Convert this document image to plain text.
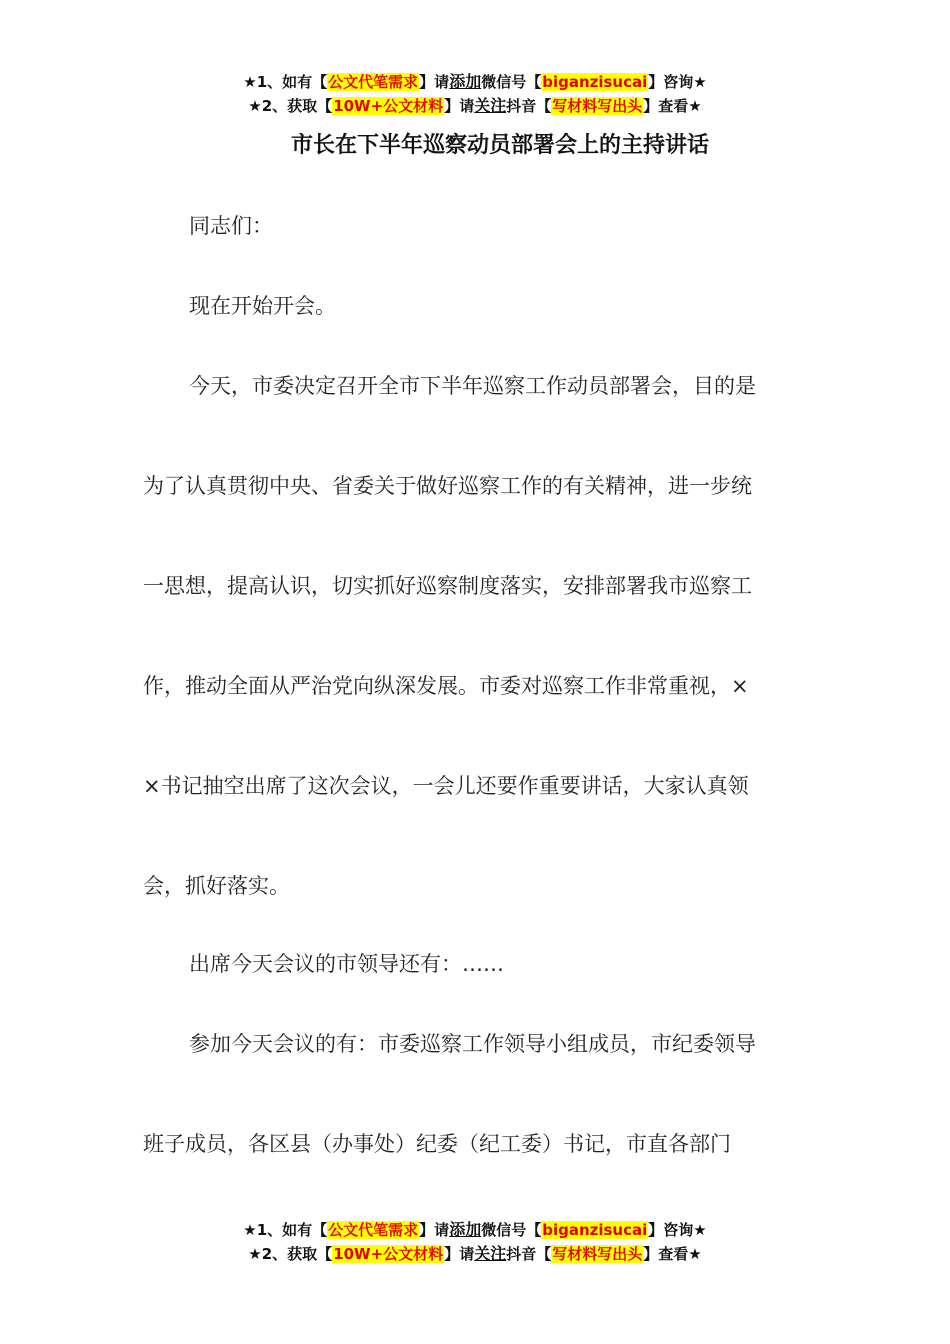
★1、如有【公文代笔需求】请添加微信号【biganzisucai】咨询★
★2、获取【10W+公文材料】请关注抖音【写材料写出头】查看★
市长在下半年巡察动员部署会上的主持讲话
同志们：
现在开始开会。
今天，市委决定召开全市下半年巡察工作动员部署会，目的是
为了认真贯彻中央、省委关于做好巡察工作的有关精神，进一步统
一思想，提高认识，切实抓好巡察制度落实，安排部署我市巡察工
作，推动全面从严治党向纵深发展。市委对巡察工作非常重视，×
×书记抽空出席了这次会议，一会儿还要作重要讲话，大家认真领
会，抓好落实。
出席今天会议的市领导还有：……
参加今天会议的有：市委巡察工作领导小组成员，市纪委领导
班子成员，各区县（办事处）纪委（纪工委）书记，市直各部门
★1、如有【公文代笔需求】请添加微信号【biganzisucai】咨询★
★2、获取【10W+公文材料】请关注抖音【写材料写出头】查看★
